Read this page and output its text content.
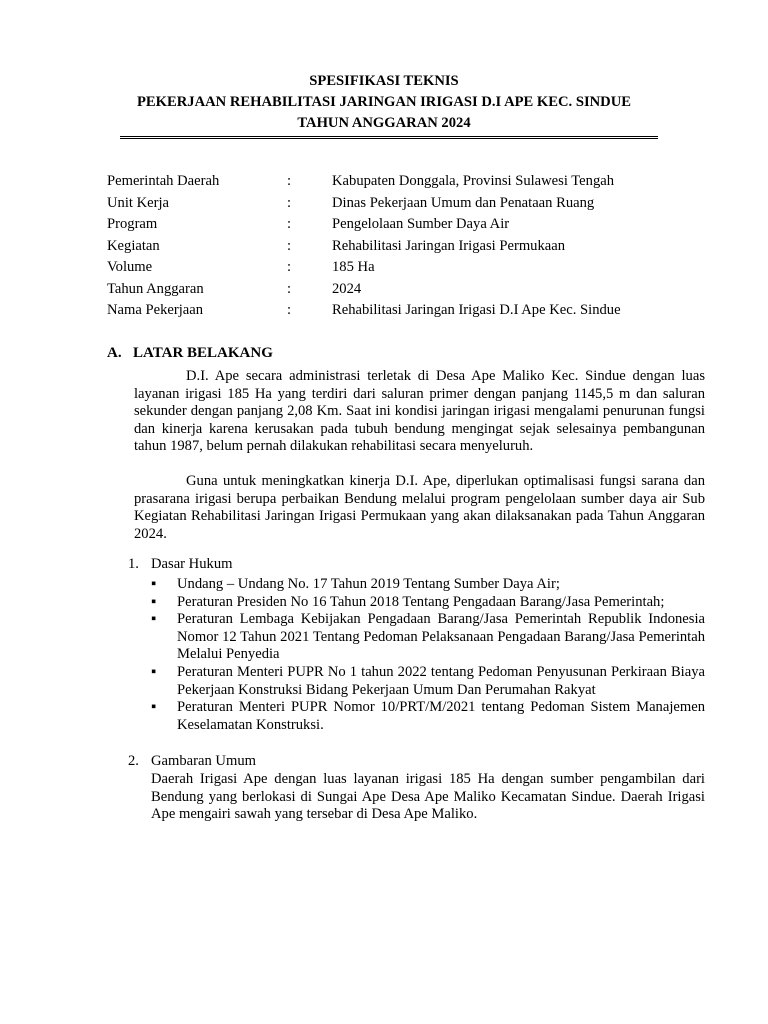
SPESIFIKASI TEKNIS
PEKERJAAN REHABILITASI JARINGAN IRIGASI D.I APE KEC. SINDUE
TAHUN ANGGARAN 2024
Pemerintah Daerah	:	Kabupaten Donggala, Provinsi Sulawesi Tengah
Unit Kerja	:	Dinas Pekerjaan Umum dan Penataan Ruang
Program	:	Pengelolaan Sumber Daya Air
Kegiatan	:	Rehabilitasi Jaringan Irigasi Permukaan
Volume	:	185 Ha
Tahun Anggaran	:	2024
Nama Pekerjaan	:	Rehabilitasi Jaringan Irigasi D.I Ape Kec. Sindue
A. LATAR BELAKANG

D.I. Ape secara administrasi terletak di Desa Ape Maliko Kec. Sindue dengan luas layanan irigasi 185 Ha yang terdiri dari saluran primer dengan panjang 1145,5 m dan saluran sekunder dengan panjang 2,08 Km. Saat ini kondisi jaringan irigasi mengalami penurunan fungsi dan kinerja karena kerusakan pada tubuh bendung mengingat sejak selesainya pembangunan tahun 1987, belum pernah dilakukan rehabilitasi secara menyeluruh.

Guna untuk meningkatkan kinerja D.I. Ape, diperlukan optimalisasi fungsi sarana dan prasarana irigasi berupa perbaikan Bendung melalui program pengelolaan sumber daya air Sub Kegiatan Rehabilitasi Jaringan Irigasi Permukaan yang akan dilaksanakan pada Tahun Anggaran 2024.

1. Dasar Hukum
▪	Undang – Undang No. 17 Tahun 2019 Tentang Sumber Daya Air;
▪	Peraturan Presiden No 16 Tahun 2018 Tentang Pengadaan Barang/Jasa Pemerintah;
▪	Peraturan Lembaga Kebijakan Pengadaan Barang/Jasa Pemerintah Republik Indonesia Nomor 12 Tahun 2021 Tentang Pedoman Pelaksanaan Pengadaan Barang/Jasa Pemerintah Melalui Penyedia
▪	Peraturan Menteri PUPR No 1 tahun 2022 tentang Pedoman Penyusunan Perkiraan Biaya Pekerjaan Konstruksi Bidang Pekerjaan Umum Dan Perumahan Rakyat
▪	Peraturan Menteri PUPR Nomor 10/PRT/M/2021 tentang Pedoman Sistem Manajemen Keselamatan Konstruksi.
2. Gambaran Umum

Daerah Irigasi Ape dengan luas layanan irigasi 185 Ha dengan sumber pengambilan dari Bendung yang berlokasi di Sungai Ape Desa Ape Maliko Kecamatan Sindue. Daerah Irigasi Ape mengairi sawah yang tersebar di Desa Ape Maliko.
